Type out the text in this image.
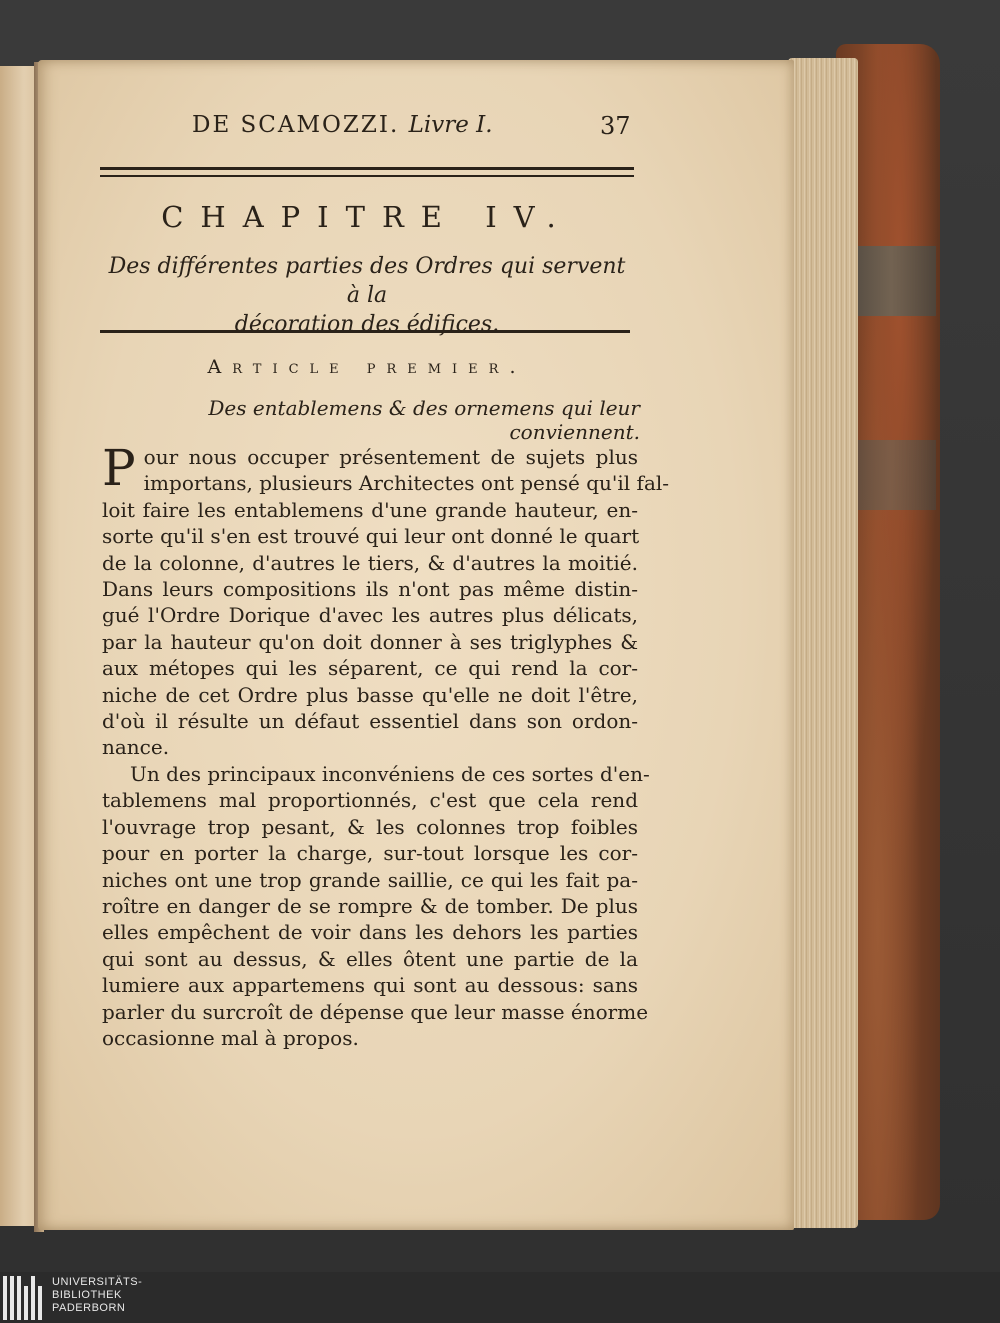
DE SCAMOZZI. Livre I.	37
CHAPITRE IV.
Des différentes parties des Ordres qui servent à la
décoration des édifices.
Article premier.
Des entablemens & des ornemens qui leur conviennent.
P our nous occuper présentement de sujets plus
importans, plusieurs Architectes ont pensé qu'il fal-
loit faire les entablemens d'une grande hauteur, en-
sorte qu'il s'en est trouvé qui leur ont donné le quart
de la colonne, d'autres le tiers, & d'autres la moitié.
Dans leurs compositions ils n'ont pas même distin-
gué l'Ordre Dorique d'avec les autres plus délicats,
par la hauteur qu'on doit donner à ses triglyphes &
aux métopes qui les séparent, ce qui rend la cor-
niche de cet Ordre plus basse qu'elle ne doit l'être,
d'où il résulte un défaut essentiel dans son ordon-
nance.
Un des principaux inconvéniens de ces sortes d'en-
tablemens mal proportionnés, c'est que cela rend
l'ouvrage trop pesant, & les colonnes trop foibles
pour en porter la charge, sur-tout lorsque les cor-
niches ont une trop grande saillie, ce qui les fait pa-
roître en danger de se rompre & de tomber. De plus
elles empêchent de voir dans les dehors les parties
qui sont au dessus, & elles ôtent une partie de la
lumiere aux appartemens qui sont au dessous: sans
parler du surcroît de dépense que leur masse énorme
occasionne mal à propos.
UNIVERSITÄTS-
BIBLIOTHEK
PADERBORN
